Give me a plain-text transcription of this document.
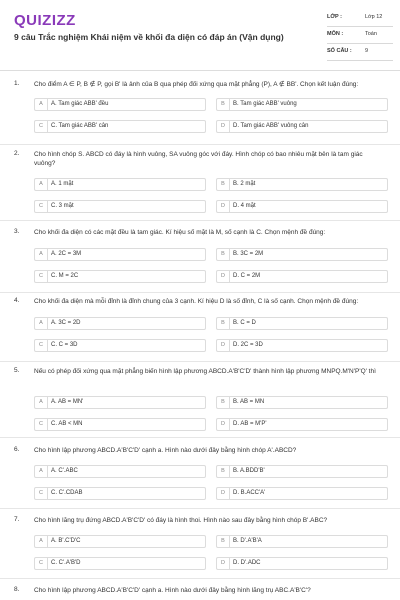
QUIZIZZ
9 câu Trắc nghiệm Khái niệm về khối đa diện có đáp án (Vận dụng)
LỚP :	Lớp 12
MÔN :	Toán
SỐ CÂU : 9
1. Cho điểm A ∈ P, B ∉ P, gọi B' là ảnh của B qua phép đối xứng qua mặt phẳng (P), A ∉ BB'. Chọn kết luận đúng:
A	A. Tam giác ABB' đều	B	B. Tam giác ABB' vuông
C	C. Tam giác ABB' cân	D	D. Tam giác ABB' vuông cân
2. Cho hình chóp S. ABCD có đáy là hình vuông, SA vuông góc với đáy. Hình chóp có bao nhiêu mặt bên là tam giác vuông?
A	A. 1 mặt	B	B. 2 mặt
C	C. 3 mặt	D	D. 4 mặt
3. Cho khối đa diện có các mặt đều là tam giác. Kí hiệu số mặt là M, số cạnh là C. Chọn mệnh đề đúng:
A	A. 2C = 3M	B	B. 3C = 2M
C	C. M = 2C	D	D. C = 2M
4. Cho khối đa diện mà mỗi đỉnh là đỉnh chung của 3 cạnh. Kí hiệu D là số đỉnh, C là số cạnh. Chọn mệnh đề đúng:
A	A. 3C = 2D	B	B. C = D
C	C. C = 3D	D	D. 2C = 3D
5. Nếu có phép đối xứng qua mặt phẳng biến hình lập phương ABCD.A'B'C'D' thành hình lập phương MNPQ.M'N'P'Q' thì
A	A. AB = MN'	B	B. AB = MN
C	C. AB < MN	D	D. AB = M'P'
6. Cho hình lập phương ABCD.A'B'C'D' cạnh a. Hình nào dưới đây bằng hình chóp A'.ABCD?
A	A. C'.ABC	B	B. A.BDD'B'
C	C. C'.CDAB	D	D. B.ACC'A'
7. Cho hình lăng trụ đứng ABCD.A'B'C'D' có đáy là hình thoi. Hình nào sau đây bằng hình chóp B'.ABC?
A	A. B'.C'D'C	B	B. D'.A'B'A
C	C. C'.A'B'D	D	D. D'.ADC
8. Cho hình lập phương ABCD.A'B'C'D' cạnh a. Hình nào dưới đây bằng hình lăng trụ ABC.A'B'C'?
